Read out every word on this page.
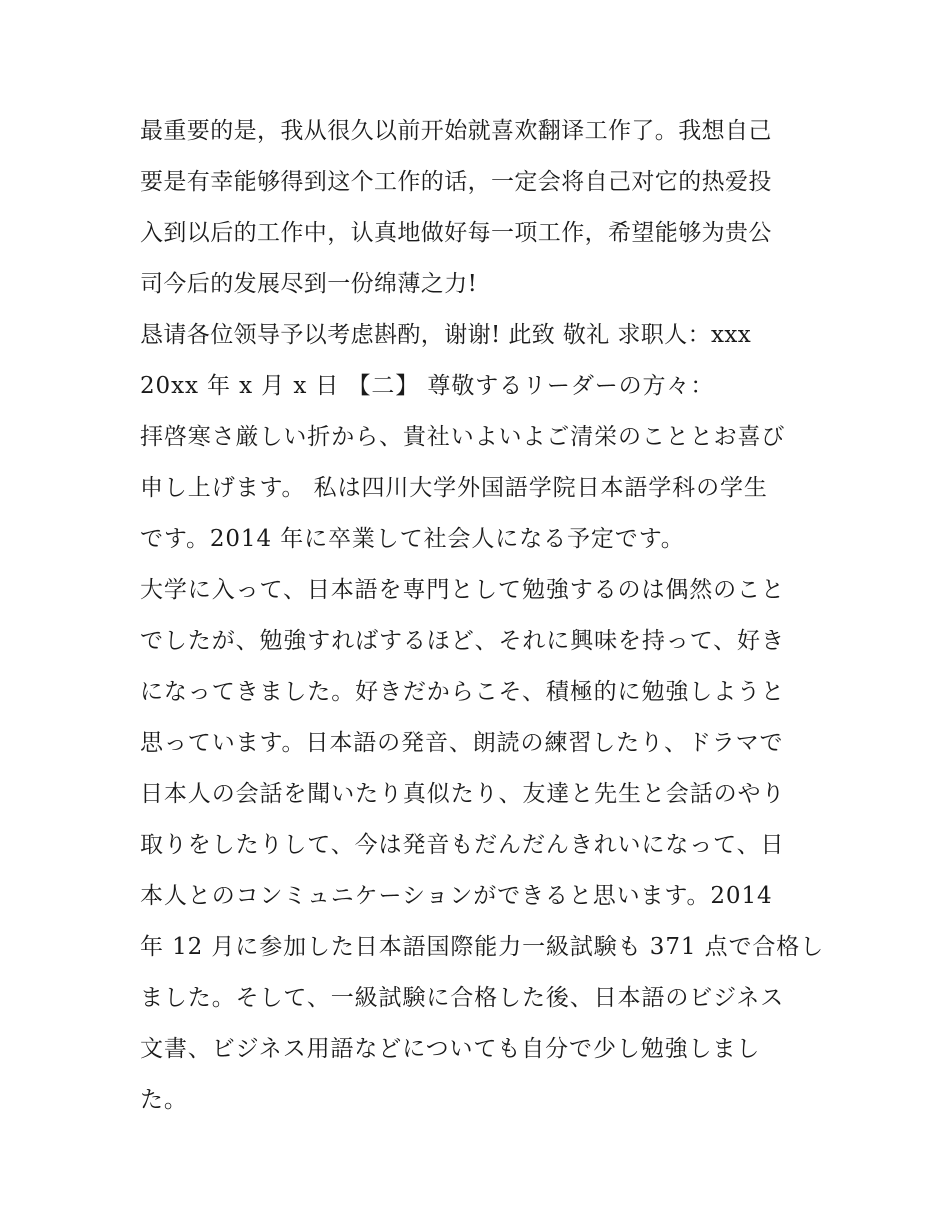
最重要的是，我从很久以前开始就喜欢翻译工作了。我想自己
要是有幸能够得到这个工作的话，一定会将自己对它的热爱投
入到以后的工作中，认真地做好每一项工作，希望能够为贵公
司今后的发展尽到一份绵薄之力!
恳请各位领导予以考虑斟酌，谢谢! 此致 敬礼 求职人：xxx
20xx 年 x 月 x 日 【二】 尊敬するリーダーの方々：
拝啓寒さ厳しい折から、貴社いよいよご清栄のこととお喜び
申し上げます。 私は四川大学外国語学院日本語学科の学生
です。2014 年に卒業して社会人になる予定です。
大学に入って、日本語を専門として勉強するのは偶然のこと
でしたが、勉強すればするほど、それに興味を持って、好き
になってきました。好きだからこそ、積極的に勉強しようと
思っています。日本語の発音、朗読の練習したり、ドラマで
日本人の会話を聞いたり真似たり、友達と先生と会話のやり
取りをしたりして、今は発音もだんだんきれいになって、日
本人とのコンミュニケーションができると思います。2014
年 12 月に参加した日本語国際能力一級試験も 371 点で合格し
ました。そして、一級試験に合格した後、日本語のビジネス
文書、ビジネス用語などについても自分で少し勉強しまし
た。
